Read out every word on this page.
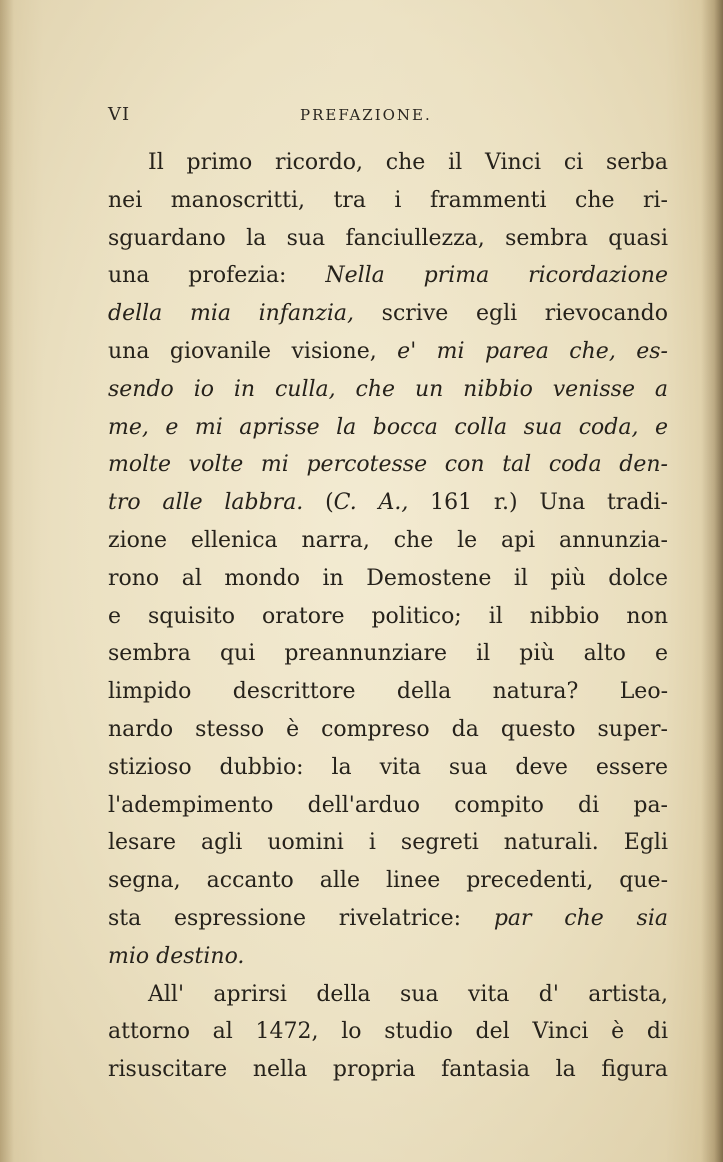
VI	PREFAZIONE.
Il primo ricordo, che il Vinci ci serba
nei manoscritti, tra i frammenti che ri-
sguardano la sua fanciullezza, sembra quasi
una profezia: Nella prima ricordazione
della mia infanzia, scrive egli rievocando
una giovanile visione, e' mi parea che, es-
sendo io in culla, che un nibbio venisse a
me, e mi aprisse la bocca colla sua coda, e
molte volte mi percotesse con tal coda den-
tro alle labbra. (C. A., 161 r.) Una tradi-
zione ellenica narra, che le api annunzia-
rono al mondo in Demostene il più dolce
e squisito oratore politico; il nibbio non
sembra qui preannunziare il più alto e
limpido descrittore della natura? Leo-
nardo stesso è compreso da questo super-
stizioso dubbio: la vita sua deve essere
l'adempimento dell'arduo compito di pa-
lesare agli uomini i segreti naturali. Egli
segna, accanto alle linee precedenti, que-
sta espressione rivelatrice: par che sia
mio destino.
All' aprirsi della sua vita d' artista,
attorno al 1472, lo studio del Vinci è di
risuscitare nella propria fantasia la figura
